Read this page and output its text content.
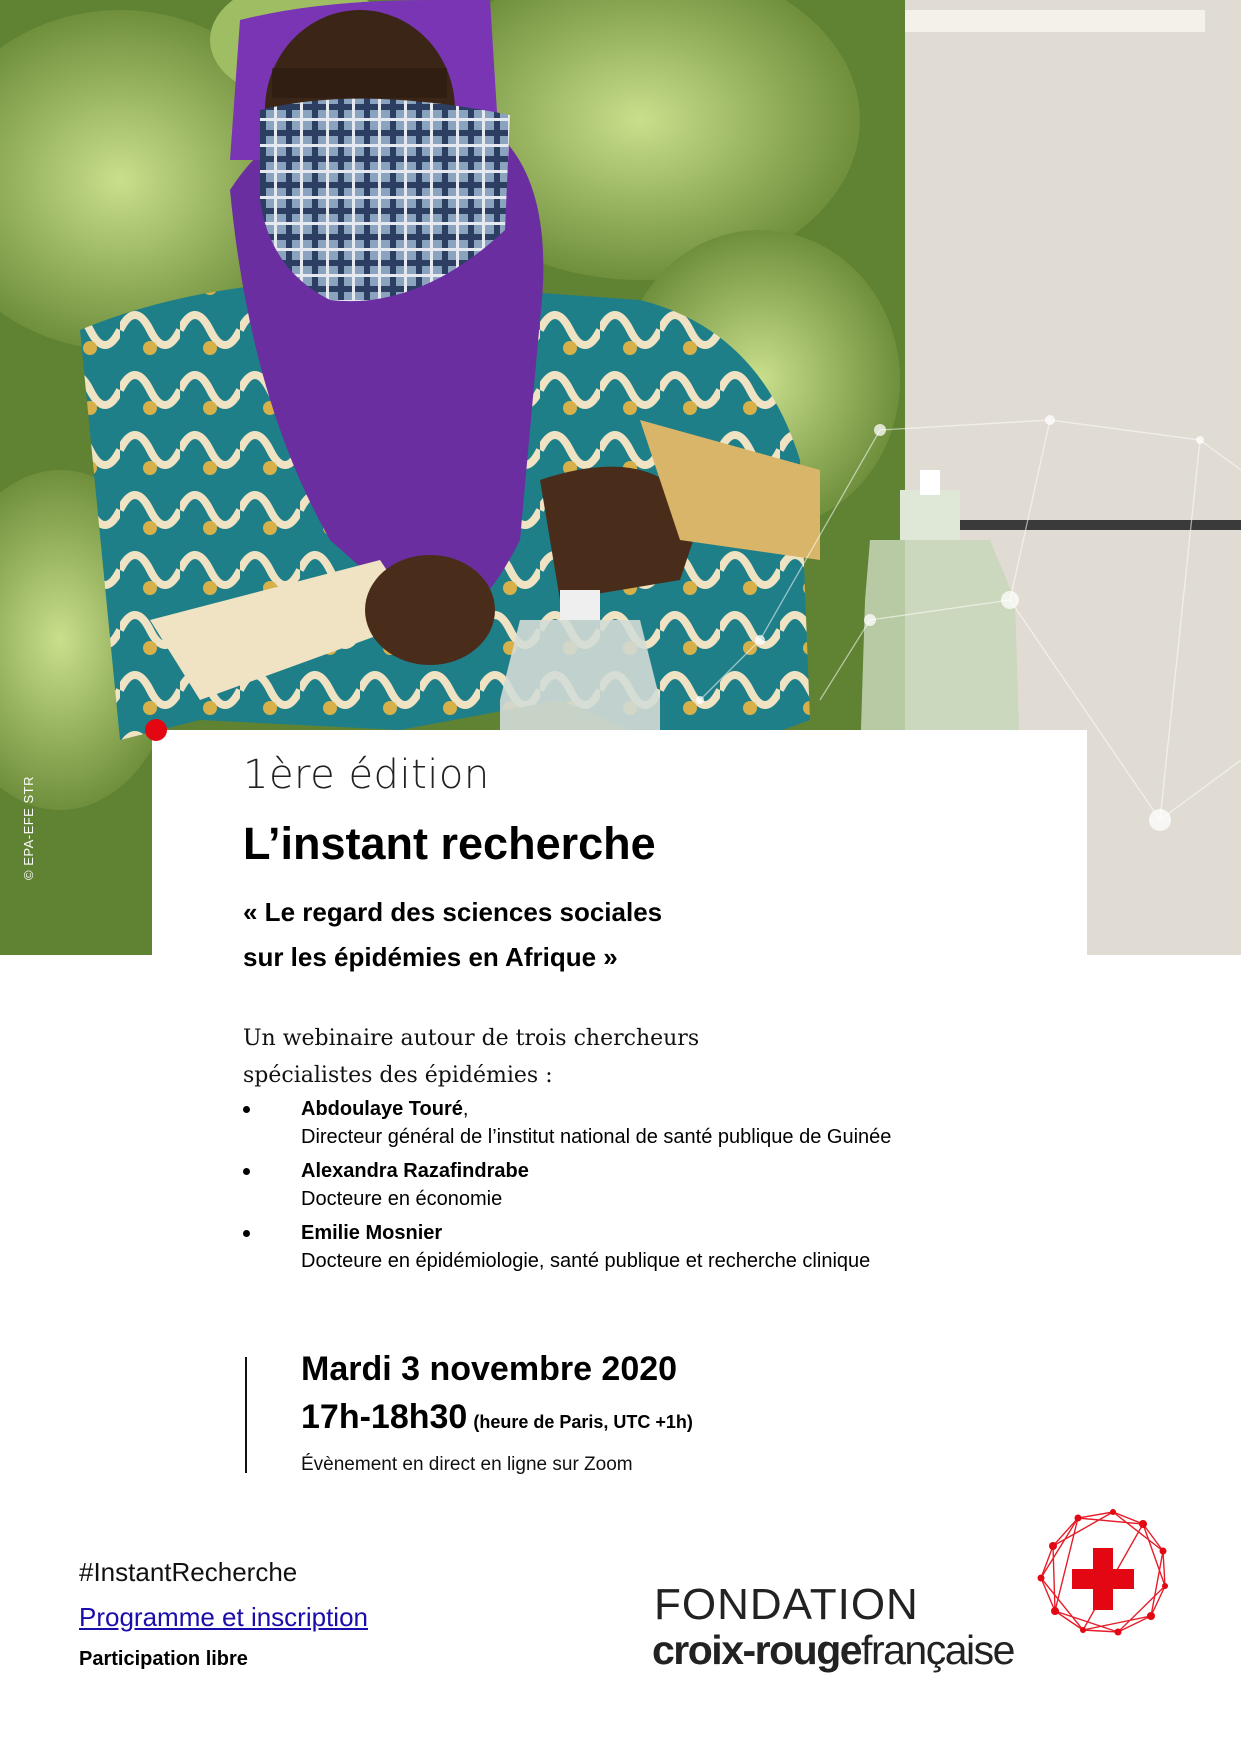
© EPA-EFE STR
1ère édition
L’instant recherche
« Le regard des sciences sociales
sur les épidémies en Afrique »
Un webinaire autour de trois chercheurs
spécialistes des épidémies :
Abdoulaye Touré,
Directeur général de l’institut national de santé publique de Guinée
Alexandra Razafindrabe
Docteure en économie
Emilie Mosnier
Docteure en épidémiologie, santé publique et recherche clinique
Mardi 3 novembre 2020
17h-18h30 (heure de Paris, UTC +1h)
Évènement en direct en ligne sur Zoom
#InstantRecherche
Programme et inscription
Participation libre
FONDATION
croix-rougefrançaise
